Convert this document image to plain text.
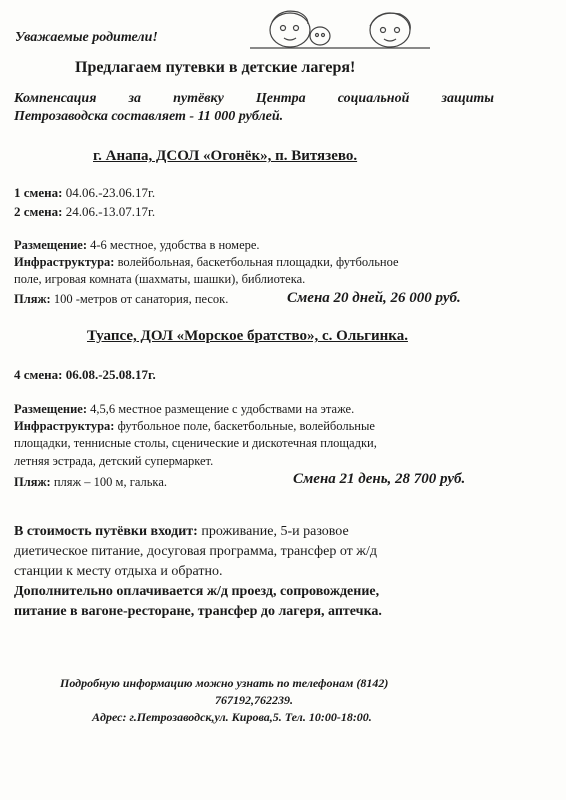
Уважаемые родители!
Предлагаем путевки в детские лагеря!
Компенсация за путёвку Центра социальной защиты
Петрозаводска составляет - 11 000 рублей.
г. Анапа, ДСОЛ «Огонёк», п. Витязево.
1 смена: 04.06.-23.06.17г.
2 смена: 24.06.-13.07.17г.
Размещение: 4-6 местное, удобства в номере.
Инфраструктура: волейбольная, баскетбольная площадки, футбольное
поле, игровая комната (шахматы, шашки), библиотека.
Пляж: 100 -метров от санатория, песок.	Смена 20 дней, 26 000 руб.
Туапсе, ДОЛ «Морское братство», с. Ольгинка.
4 смена: 06.08.-25.08.17г.
Размещение: 4,5,6 местное размещение с удобствами на этаже.
Инфраструктура: футбольное поле, баскетбольные, волейбольные
площадки, теннисные столы, сценические и дискотечная площадки,
летняя эстрада, детский супермаркет.
Пляж: пляж – 100 м, галька.	Смена 21 день, 28 700 руб.
В стоимость путёвки входит: проживание, 5-и разовое
диетическое питание, досуговая программа, трансфер от ж/д
станции к месту отдыха и обратно.
Дополнительно оплачивается ж/д проезд, сопровождение,
питание в вагоне-ресторане, трансфер до лагеря, аптечка.
Подробную информацию можно узнать по телефонам (8142)
767192,762239.
Адрес: г.Петрозаводск,ул. Кирова,5. Тел. 10:00-18:00.
